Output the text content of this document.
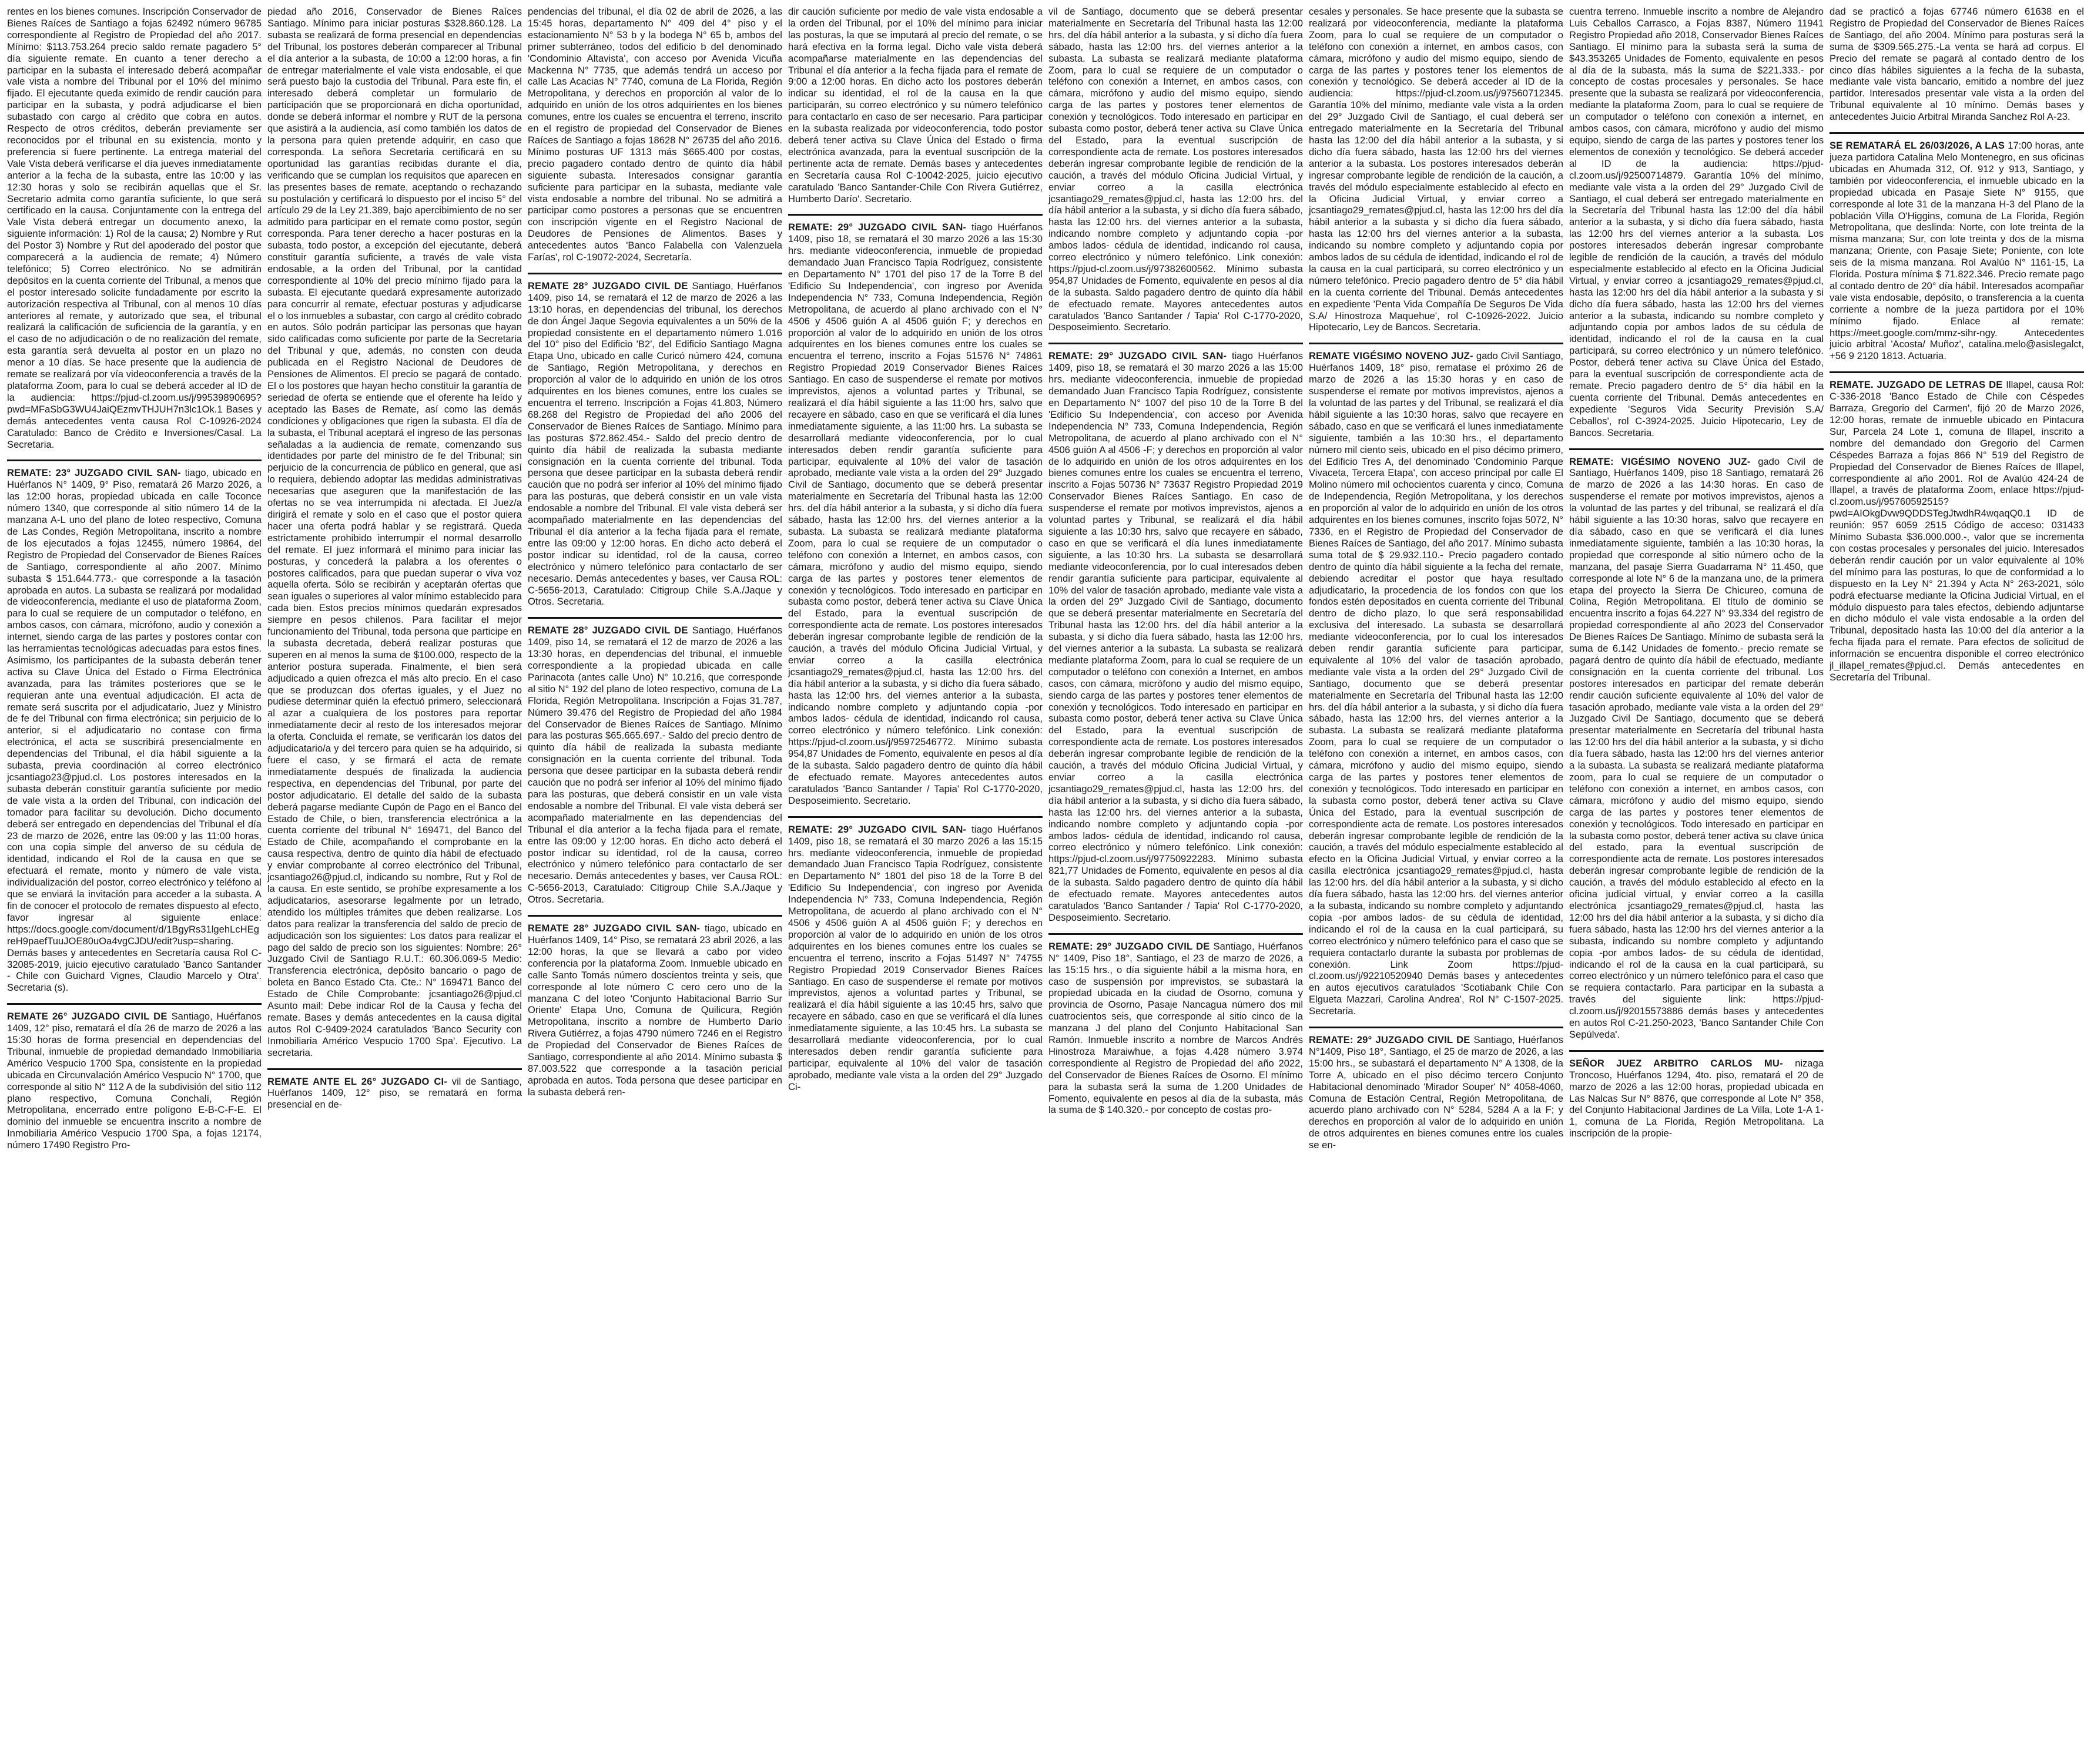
rentes en los bienes comunes. Inscripción Conservador de Bienes Raíces de Santiago a fojas 62492 número 96785 correspondiente al Registro de Propiedad del año 2017. Mínimo: $113.753.264 precio saldo remate pagadero 5° día siguiente remate. En cuanto a tener derecho a participar en la subasta el interesado deberá acompañar vale vista a nombre del Tribunal por el 10% del mínimo fijado. El ejecutante queda eximido de rendir caución para participar en la subasta, y podrá adjudicarse el bien subastado con cargo al crédito que cobra en autos. Respecto de otros créditos, deberán previamente ser reconocidos por el tribunal en su existencia, monto y preferencia si fuere pertinente. La entrega material del Vale Vista deberá verificarse el día jueves inmediatamente anterior a la fecha de la subasta, entre las 10:00 y las 12:30 horas y solo se recibirán aquellas que el Sr. Secretario admita como garantía suficiente, lo que será certificado en la causa. Conjuntamente con la entrega del Vale Vista deberá entregar un documento anexo, la siguiente información: 1) Rol de la causa; 2) Nombre y Rut del Postor 3) Nombre y Rut del apoderado del postor que comparecerá a la audiencia de remate; 4) Número telefónico; 5) Correo electrónico. No se admitirán depósitos en la cuenta corriente del Tribunal, a menos que el postor interesado solicite fundadamente por escrito la autorización respectiva al Tribunal, con al menos 10 días anteriores al remate, y autorizado que sea, el tribunal realizará la calificación de suficiencia de la garantía, y en el caso de no adjudicación o de no realización del remate, esta garantía será devuelta al postor en un plazo no menor a 10 días. Se hace presente que la audiencia de remate se realizará por vía videoconferencia a través de la plataforma Zoom, para lo cual se deberá acceder al ID de la audiencia: https://pjud-cl.zoom.us/j/99539890695?pwd=MFaSbG3WU4JaiQEzmvTHJUH7n3lc1Ok.1 Bases y demás antecedentes venta causa Rol C-10926-2024 Caratulado: Banco de Crédito e Inversiones/Casal. La Secretaria.

REMATE: 23° JUZGADO CIVIL SAN- tiago, ubicado en Huérfanos N° 1409, 9° Piso, rematará 26 Marzo 2026, a las 12:00 horas, propiedad ubicada en calle Toconce número 1340, que corresponde al sitio número 14 de la manzana A-L uno del plano de loteo respectivo, Comuna de Las Condes, Región Metropolitana, inscrito a nombre de los ejecutados a fojas 12455, número 19864, del Registro de Propiedad del Conservador de Bienes Raíces de Santiago, correspondiente al año 2007. Mínimo subasta $ 151.644.773.- que corresponde a la tasación aprobada en autos. La subasta se realizará por modalidad de videoconferencia, mediante el uso de plataforma Zoom, para lo cual se requiere de un computador o teléfono, en ambos casos, con cámara, micrófono, audio y conexión a internet, siendo carga de las partes y postores contar con las herramientas tecnológicas adecuadas para estos fines. Asimismo, los participantes de la subasta deberán tener activa su Clave Única del Estado o Firma Electrónica avanzada, para las trámites posteriores que se le requieran ante una eventual adjudicación. El acta de remate será suscrita por el adjudicatario, Juez y Ministro de fe del Tribunal con firma electrónica; sin perjuicio de lo anterior, si el adjudicatario no contase con firma electrónica, el acta se suscribirá presencialmente en dependencias del Tribunal, el día hábil siguiente a la subasta, previa coordinación al correo electrónico jcsantiago23@pjud.cl. Los postores interesados en la subasta deberán constituir garantía suficiente por medio de vale vista a la orden del Tribunal, con indicación del tomador para facilitar su devolución. Dicho documento deberá ser entregado en dependencias del Tribunal el día 23 de marzo de 2026, entre las 09:00 y las 11:00 horas, con una copia simple del anverso de su cédula de identidad, indicando el Rol de la causa en que se efectuará el remate, monto y número de vale vista, individualización del postor, correo electrónico y teléfono al que se enviará la invitación para acceder a la subasta. A fin de conocer el protocolo de remates dispuesto al efecto, favor ingresar al siguiente enlace: https://docs.google.com/document/d/1BgyRs31lgehLcHEgreH9paefTuuJOE80uOa4vgCJDU/edit?usp=sharing. Demás bases y antecedentes en Secretaría causa Rol C-32085-2019, juicio ejecutivo caratulado 'Banco Santander - Chile con Guichard Vignes, Claudio Marcelo y Otra'. Secretaria (s).

REMATE 26° JUZGADO CIVIL DE Santiago, Huérfanos 1409, 12° piso, rematará el día 26 de marzo de 2026 a las 15:30 horas de forma presencial en dependencias del Tribunal, inmueble de propiedad demandado Inmobiliaria Américo Vespucio 1700 Spa, consistente en la propiedad ubicada en Circunvalación Américo Vespucio N° 1700, que corresponde al sitio N° 112 A de la subdivisión del sitio 112 plano respectivo, Comuna Conchalí, Región Metropolitana, encerrado entre polígono E-B-C-F-E. El dominio del inmueble se encuentra inscrito a nombre de Inmobiliaria Américo Vespucio 1700 Spa, a fojas 12174, número 17490 Registro Pro-

piedad año 2016, Conservador de Bienes Raíces Santiago. Mínimo para iniciar posturas $328.860.128. La subasta se realizará de forma presencial en dependencias del Tribunal, los postores deberán comparecer al Tribunal el día anterior a la subasta, de 10:00 a 12:00 horas, a fin de entregar materialmente el vale vista endosable, el que será puesto bajo la custodia del Tribunal. Para este fin, el interesado deberá completar un formulario de participación que se proporcionará en dicha oportunidad, donde se deberá informar el nombre y RUT de la persona que asistirá a la audiencia, así como también los datos de la persona para quien pretende adquirir, en caso que corresponda. La señora Secretaria certificará en su oportunidad las garantías recibidas durante el día, verificando que se cumplan los requisitos que aparecen en las presentes bases de remate, aceptando o rechazando su postulación y certificará lo dispuesto por el inciso 5° del artículo 29 de la Ley 21.389, bajo apercibimiento de no ser admitido para participar en el remate como postor, según corresponda. Para tener derecho a hacer posturas en la subasta, todo postor, a excepción del ejecutante, deberá constituir garantía suficiente, a través de vale vista endosable, a la orden del Tribunal, por la cantidad correspondiente al 10% del precio mínimo fijado para la subasta. El ejecutante quedará expresamente autorizado para concurrir al remate, efectuar posturas y adjudicarse el o los inmuebles a subastar, con cargo al crédito cobrado en autos. Sólo podrán participar las personas que hayan sido calificadas como suficiente por parte de la Secretaria del Tribunal y que, además, no consten con deuda publicada en el Registro Nacional de Deudores de Pensiones de Alimentos. El precio se pagará de contado. El o los postores que hayan hecho constituir la garantía de seriedad de oferta se entiende que el oferente ha leído y aceptado las Bases de Remate, así como las demás condiciones y obligaciones que rigen la subasta. El día de la subasta, el Tribunal aceptará el ingreso de las personas señaladas a la audiencia de remate, comenzando sus identidades por parte del ministro de fe del Tribunal; sin perjuicio de la concurrencia de público en general, que así lo requiera, debiendo adoptar las medidas administrativas necesarias que aseguren que la manifestación de las ofertas no se vea interrumpida ni afectada. El Juez/a dirigirá el remate y solo en el caso que el postor quiera hacer una oferta podrá hablar y se registrará. Queda estrictamente prohibido interrumpir el normal desarrollo del remate. El juez informará el mínimo para iniciar las posturas, y concederá la palabra a los oferentes o postores calificados, para que puedan superar o viva voz aquella oferta. Sólo se recibirán y aceptarán ofertas que sean iguales o superiores al valor mínimo establecido para cada bien. Estos precios mínimos quedarán expresados siempre en pesos chilenos. Para facilitar el mejor funcionamiento del Tribunal, toda persona que participe en la subasta decretada, deberá realizar posturas que superen en al menos la suma de $100.000, respecto de la anterior postura superada. Finalmente, el bien será adjudicado a quien ofrezca el más alto precio. En el caso que se produzcan dos ofertas iguales, y el Juez no pudiese determinar quién la efectuó primero, seleccionará al azar a cualquiera de los postores para reportar inmediatamente decir al resto de los interesados mejorar la oferta. Concluida el remate, se verificarán los datos del adjudicatario/a y del tercero para quien se ha adquirido, si fuere el caso, y se firmará el acta de remate inmediatamente después de finalizada la audiencia respectiva, en dependencias del Tribunal, por parte del postor adjudicatario. El detalle del saldo de la subasta deberá pagarse mediante Cupón de Pago en el Banco del Estado de Chile, o bien, transferencia electrónica a la cuenta corriente del tribunal N° 169471, del Banco del Estado de Chile, acompañando el comprobante en la causa respectiva, dentro de quinto día hábil de efectuado y enviar comprobante al correo electrónico del Tribunal, jcsantiago26@pjud.cl, indicando su nombre, Rut y Rol de la causa. En este sentido, se prohíbe expresamente a los adjudicatarios, asesorarse legalmente por un letrado, atendido los múltiples trámites que deben realizarse. Los datos para realizar la transferencia del saldo de precio de adjudicación son los siguientes: Los datos para realizar el pago del saldo de precio son los siguientes: Nombre: 26° Juzgado Civil de Santiago R.U.T.: 60.306.069-5 Medio: Transferencia electrónica, depósito bancario o pago de boleta en Banco Estado Cta. Cte.: N° 169471 Banco del Estado de Chile Comprobante: jcsantiago26@pjud.cl Asunto mail: Debe indicar Rol de la Causa y fecha del remate. Bases y demás antecedentes en la causa digital autos Rol C-9409-2024 caratulados 'Banco Security con Inmobiliaria Américo Vespucio 1700 Spa'. Ejecutivo. La secretaria.

REMATE ANTE EL 26° JUZGADO CI- vil de Santiago, Huérfanos 1409, 12° piso, se rematará en forma presencial en de-

pendencias del tribunal, el día 02 de abril de 2026, a las 15:45 horas, departamento N° 409 del 4° piso y el estacionamiento N° 53 b y la bodega N° 65 b, ambos del primer subterráneo, todos del edificio b del denominado 'Condominio Altavista', con acceso por Avenida Vicuña Mackenna N° 7735, que además tendrá un acceso por calle Las Acacias N° 7740, comuna de La Florida, Región Metropolitana, y derechos en proporción al valor de lo adquirido en unión de los otros adquirientes en los bienes comunes, entre los cuales se encuentra el terreno, inscrito en el registro de propiedad del Conservador de Bienes Raíces de Santiago a fojas 18628 N° 26735 del año 2016. Mínimo posturas UF 1313 más $665.400 por costas, precio pagadero contado dentro de quinto día hábil siguiente subasta. Interesados consignar garantía suficiente para participar en la subasta, mediante vale vista endosable a nombre del tribunal. No se admitirá a participar como postores a personas que se encuentren con inscripción vigente en el Registro Nacional de Deudores de Pensiones de Alimentos. Bases y antecedentes autos 'Banco Falabella con Valenzuela Farías', rol C-19072-2024, Secretaría.

REMATE 28° JUZGADO CIVIL DE Santiago, Huérfanos 1409, piso 14, se rematará el 12 de marzo de 2026 a las 13:10 horas, en dependencias del tribunal, los derechos de don Ángel Jaque Segovia equivalentes a un 50% de la propiedad consistente en el departamento número 1.016 del 10° piso del Edificio 'B2', del Edificio Santiago Magna Etapa Uno, ubicado en calle Curicó número 424, comuna de Santiago, Región Metropolitana, y derechos en proporción al valor de lo adquirido en unión de los otros adquirentes en los bienes comunes, entre los cuales se encuentra el terreno. Inscripción a Fojas 41.803, Número 68.268 del Registro de Propiedad del año 2006 del Conservador de Bienes Raíces de Santiago. Mínimo para las posturas $72.862.454.- Saldo del precio dentro de quinto día hábil de realizada la subasta mediante consignación en la cuenta corriente del tribunal. Toda persona que desee participar en la subasta deberá rendir caución que no podrá ser inferior al 10% del mínimo fijado para las posturas, que deberá consistir en un vale vista endosable a nombre del Tribunal. El vale vista deberá ser acompañado materialmente en las dependencias del Tribunal el día anterior a la fecha fijada para el remate, entre las 09:00 y 12:00 horas. En dicho acto deberá el postor indicar su identidad, rol de la causa, correo electrónico y número telefónico para contactarlo de ser necesario. Demás antecedentes y bases, ver Causa ROL: C-5656-2013, Caratulado: Citigroup Chile S.A./Jaque y Otros. Secretaria.

REMATE 28° JUZGADO CIVIL DE Santiago, Huérfanos 1409, piso 14, se rematará el 12 de marzo de 2026 a las 13:30 horas, en dependencias del tribunal, el inmueble correspondiente a la propiedad ubicada en calle Parinacota (antes calle Uno) N° 10.216, que corresponde al sitio N° 192 del plano de loteo respectivo, comuna de La Florida, Región Metropolitana. Inscripción a Fojas 31.787, Número 39.476 del Registro de Propiedad del año 1984 del Conservador de Bienes Raíces de Santiago. Mínimo para las posturas $65.665.697.- Saldo del precio dentro de quinto día hábil de realizada la subasta mediante consignación en la cuenta corriente del tribunal. Toda persona que desee participar en la subasta deberá rendir caución que no podrá ser inferior al 10% del mínimo fijado para las posturas, que deberá consistir en un vale vista endosable a nombre del Tribunal. El vale vista deberá ser acompañado materialmente en las dependencias del Tribunal el día anterior a la fecha fijada para el remate, entre las 09:00 y 12:00 horas. En dicho acto deberá el postor indicar su identidad, rol de la causa, correo electrónico y número telefónico para contactarlo de ser necesario. Demás antecedentes y bases, ver Causa ROL: C-5656-2013, Caratulado: Citigroup Chile S.A./Jaque y Otros. Secretaria.

REMATE 28° JUZGADO CIVIL SAN- tiago, ubicado en Huérfanos 1409, 14° Piso, se rematará 23 abril 2026, a las 12:00 horas, la que se llevará a cabo por video conferencia por la plataforma Zoom. Inmueble ubicado en calle Santo Tomás número doscientos treinta y seis, que corresponde al lote número C cero cero uno de la manzana C del loteo 'Conjunto Habitacional Barrio Sur Oriente' Etapa Uno, Comuna de Quilicura, Región Metropolitana, inscrito a nombre de Humberto Darío Rivera Gutiérrez, a fojas 4790 número 7246 en el Registro de Propiedad del Conservador de Bienes Raíces de Santiago, correspondiente al año 2014. Mínimo subasta $ 87.003.522 que corresponde a la tasación pericial aprobada en autos. Toda persona que desee participar en la subasta deberá ren-

dir caución suficiente por medio de vale vista endosable a la orden del Tribunal, por el 10% del mínimo para iniciar las posturas, la que se imputará al precio del remate, o se hará efectiva en la forma legal. Dicho vale vista deberá acompañarse materialmente en las dependencias del Tribunal el día anterior a la fecha fijada para el remate de 9:00 a 12:00 horas. En dicho acto los postores deberán indicar su identidad, el rol de la causa en la que participarán, su correo electrónico y su número telefónico para contactarlo en caso de ser necesario. Para participar en la subasta realizada por videoconferencia, todo postor deberá tener activa su Clave Única del Estado o firma electrónica avanzada, para la eventual suscripción de la pertinente acta de remate. Demás bases y antecedentes en Secretaría causa Rol C-10042-2025, juicio ejecutivo caratulado 'Banco Santander-Chile Con Rivera Gutiérrez, Humberto Darío'. Secretario.

REMATE: 29° JUZGADO CIVIL SAN- tiago Huérfanos 1409, piso 18, se rematará el 30 marzo 2026 a las 15:30 hrs. mediante videoconferencia, inmueble de propiedad demandado Juan Francisco Tapia Rodríguez, consistente en Departamento N° 1701 del piso 17 de la Torre B del 'Edificio Su Independencia', con ingreso por Avenida Independencia N° 733, Comuna Independencia, Región Metropolitana, de acuerdo al plano archivado con el N° 4506 y 4506 guión A al 4506 guión F; y derechos en proporción al valor de lo adquirido en unión de los otros adquirentes en los bienes comunes entre los cuales se encuentra el terreno, inscrito a Fojas 51576 N° 74861 Registro Propiedad 2019 Conservador Bienes Raíces Santiago. En caso de suspenderse el remate por motivos imprevistos, ajenos a voluntad partes y Tribunal, se realizará el día hábil siguiente a las 11:00 hrs, salvo que recayere en sábado, caso en que se verificará el día lunes inmediatamente siguiente, a las 11:00 hrs. La subasta se desarrollará mediante videoconferencia, por lo cual interesados deben rendir garantía suficiente para participar, equivalente al 10% del valor de tasación aprobado, mediante vale vista a la orden del 29° Juzgado Civil de Santiago, documento que se deberá presentar materialmente en Secretaría del Tribunal hasta las 12:00 hrs. del día hábil anterior a la subasta, y si dicho día fuera sábado, hasta las 12:00 hrs. del viernes anterior a la subasta. La subasta se realizará mediante plataforma Zoom, para lo cual se requiere de un computador o teléfono con conexión a Internet, en ambos casos, con cámara, micrófono y audio del mismo equipo, siendo carga de las partes y postores tener elementos de conexión y tecnológicos. Todo interesado en participar en subasta como postor, deberá tener activa su Clave Única del Estado, para la eventual suscripción de correspondiente acta de remate. Los postores interesados deberán ingresar comprobante legible de rendición de la caución, a través del módulo Oficina Judicial Virtual, y enviar correo a la casilla electrónica jcsantiago29_remates@pjud.cl, hasta las 12:00 hrs. del día hábil anterior a la subasta, y si dicho día fuera sábado, hasta las 12:00 hrs. del viernes anterior a la subasta, indicando nombre completo y adjuntando copia -por ambos lados- cédula de identidad, indicando rol causa, correo electrónico y número telefónico. Link conexión: https://pjud-cl.zoom.us/j/95972546772. Mínimo subasta 954,87 Unidades de Fomento, equivalente en pesos al día de la subasta. Saldo pagadero dentro de quinto día hábil de efectuado remate. Mayores antecedentes autos caratulados 'Banco Santander / Tapia' Rol C-1770-2020, Desposeimiento. Secretario.

REMATE: 29° JUZGADO CIVIL SAN- tiago Huérfanos 1409, piso 18, se rematará el 30 marzo 2026 a las 15:15 hrs. mediante videoconferencia, inmueble de propiedad demandado Juan Francisco Tapia Rodríguez, consistente en Departamento N° 1801 del piso 18 de la Torre B del 'Edificio Su Independencia', con ingreso por Avenida Independencia N° 733, Comuna Independencia, Región Metropolitana, de acuerdo al plano archivado con el N° 4506 y 4506 guión A al 4506 guión F; y derechos en proporción al valor de lo adquirido en unión de los otros adquirentes en los bienes comunes entre los cuales se encuentra el terreno, inscrito a Fojas 51497 N° 74755 Registro Propiedad 2019 Conservador Bienes Raíces Santiago. En caso de suspenderse el remate por motivos imprevistos, ajenos a voluntad partes y Tribunal, se realizará el día hábil siguiente a las 10:45 hrs, salvo que recayere en sábado, caso en que se verificará el día lunes inmediatamente siguiente, a las 10:45 hrs. La subasta se desarrollará mediante videoconferencia, por lo cual interesados deben rendir garantía suficiente para participar, equivalente al 10% del valor de tasación aprobado, mediante vale vista a la orden del 29° Juzgado Ci-

vil de Santiago, documento que se deberá presentar materialmente en Secretaría del Tribunal hasta las 12:00 hrs. del día hábil anterior a la subasta, y si dicho día fuera sábado, hasta las 12:00 hrs. del viernes anterior a la subasta. La subasta se realizará mediante plataforma Zoom, para lo cual se requiere de un computador o teléfono con conexión a Internet, en ambos casos, con cámara, micrófono y audio del mismo equipo, siendo carga de las partes y postores tener elementos de conexión y tecnológicos. Todo interesado en participar en subasta como postor, deberá tener activa su Clave Única del Estado, para la eventual suscripción de correspondiente acta de remate. Los postores interesados deberán ingresar comprobante legible de rendición de la caución, a través del módulo Oficina Judicial Virtual, y enviar correo a la casilla electrónica jcsantiago29_remates@pjud.cl, hasta las 12:00 hrs. del día hábil anterior a la subasta, y si dicho día fuera sábado, hasta las 12:00 hrs. del viernes anterior a la subasta, indicando nombre completo y adjuntando copia -por ambos lados- cédula de identidad, indicando rol causa, correo electrónico y número telefónico. Link conexión: https://pjud-cl.zoom.us/j/97382600562. Mínimo subasta 954,87 Unidades de Fomento, equivalente en pesos al día de la subasta. Saldo pagadero dentro de quinto día hábil de efectuado remate. Mayores antecedentes autos caratulados 'Banco Santander / Tapia' Rol C-1770-2020, Desposeimiento. Secretario.

REMATE: 29° JUZGADO CIVIL SAN- tiago Huérfanos 1409, piso 18, se rematará el 30 marzo 2026 a las 15:00 hrs. mediante videoconferencia, inmueble de propiedad demandado Juan Francisco Tapia Rodríguez, consistente en Departamento N° 1007 del piso 10 de la Torre B del 'Edificio Su Independencia', con acceso por Avenida Independencia N° 733, Comuna Independencia, Región Metropolitana, de acuerdo al plano archivado con el N° 4506 guión A al 4506 -F; y derechos en proporción al valor de lo adquirido en unión de los otros adquirentes en los bienes comunes entre los cuales se encuentra el terreno, inscrito a Fojas 50736 N° 73637 Registro Propiedad 2019 Conservador Bienes Raíces Santiago. En caso de suspenderse el remate por motivos imprevistos, ajenos a voluntad partes y Tribunal, se realizará el día hábil siguiente a las 10:30 hrs, salvo que recayere en sábado, caso en que se verificará el día lunes inmediatamente siguiente, a las 10:30 hrs. La subasta se desarrollará mediante videoconferencia, por lo cual interesados deben rendir garantía suficiente para participar, equivalente al 10% del valor de tasación aprobado, mediante vale vista a la orden del 29° Juzgado Civil de Santiago, documento que se deberá presentar materialmente en Secretaría del Tribunal hasta las 12:00 hrs. del día hábil anterior a la subasta, y si dicho día fuera sábado, hasta las 12:00 hrs. del viernes anterior a la subasta. La subasta se realizará mediante plataforma Zoom, para lo cual se requiere de un computador o teléfono con conexión a Internet, en ambos casos, con cámara, micrófono y audio del mismo equipo, siendo carga de las partes y postores tener elementos de conexión y tecnológicos. Todo interesado en participar en subasta como postor, deberá tener activa su Clave Única del Estado, para la eventual suscripción de correspondiente acta de remate. Los postores interesados deberán ingresar comprobante legible de rendición de la caución, a través del módulo Oficina Judicial Virtual, y enviar correo a la casilla electrónica jcsantiago29_remates@pjud.cl, hasta las 12:00 hrs. del día hábil anterior a la subasta, y si dicho día fuera sábado, hasta las 12:00 hrs. del viernes anterior a la subasta, indicando nombre completo y adjuntando copia -por ambos lados- cédula de identidad, indicando rol causa, correo electrónico y número telefónico. Link conexión: https://pjud-cl.zoom.us/j/97750922283. Mínimo subasta 821,77 Unidades de Fomento, equivalente en pesos al día de la subasta. Saldo pagadero dentro de quinto día hábil de efectuado remate. Mayores antecedentes autos caratulados 'Banco Santander / Tapia' Rol C-1770-2020, Desposeimiento. Secretario.

REMATE: 29° JUZGADO CIVIL DE Santiago, Huérfanos N° 1409, Piso 18°, Santiago, el 23 de marzo de 2026, a las 15:15 hrs., o día siguiente hábil a la misma hora, en caso de suspensión por imprevistos, se subastará la propiedad ubicada en la ciudad de Osorno, comuna y provincia de Osorno, Pasaje Nancagua número dos mil cuatrocientos seis, que corresponde al sitio cinco de la manzana J del plano del Conjunto Habitacional San Ramón. Inmueble inscrito a nombre de Marcos Andrés Hinostroza Maraiwhue, a fojas 4.428 número 3.974 correspondiente al Registro de Propiedad del año 2022, del Conservador de Bienes Raíces de Osorno. El mínimo para la subasta será la suma de 1.200 Unidades de Fomento, equivalente en pesos al día de la subasta, más la suma de $ 140.320.- por concepto de costas pro-

cesales y personales. Se hace presente que la subasta se realizará por videoconferencia, mediante la plataforma Zoom, para lo cual se requiere de un computador o teléfono con conexión a internet, en ambos casos, con cámara, micrófono y audio del mismo equipo, siendo de carga de las partes y postores tener los elementos de conexión y tecnológico. Se deberá acceder al ID de la audiencia: https://pjud-cl.zoom.us/j/97560712345. Garantía 10% del mínimo, mediante vale vista a la orden del 29° Juzgado Civil de Santiago, el cual deberá ser entregado materialmente en la Secretaría del Tribunal hasta las 12:00 del día hábil anterior a la subasta, y si dicho día fuera sábado, hasta las 12:00 hrs del viernes anterior a la subasta. Los postores interesados deberán ingresar comprobante legible de rendición de la caución, a través del módulo especialmente establecido al efecto en la Oficina Judicial Virtual, y enviar correo a jcsantiago29_remates@pjud.cl, hasta las 12:00 hrs del día hábil anterior a la subasta y si dicho día fuera sábado, hasta las 12:00 hrs del viernes anterior a la subasta, indicando su nombre completo y adjuntando copia por ambos lados de su cédula de identidad, indicando el rol de la causa en la cual participará, su correo electrónico y un número telefónico. Precio pagadero dentro de 5° día hábil en la cuenta corriente del Tribunal. Demás antecedentes en expediente 'Penta Vida Compañía De Seguros De Vida S.A/ Hinostroza Maquehue', rol C-10926-2022. Juicio Hipotecario, Ley de Bancos. Secretaria.

REMATE VIGÉSIMO NOVENO JUZ- gado Civil Santiago, Huérfanos 1409, 18° piso, rematase el próximo 26 de marzo de 2026 a las 15:30 horas y en caso de suspenderse el remate por motivos imprevistos, ajenos a la voluntad de las partes y del Tribunal, se realizará el día hábil siguiente a las 10:30 horas, salvo que recayere en sábado, caso en que se verificará el lunes inmediatamente siguiente, también a las 10:30 hrs., el departamento número mil ciento seis, ubicado en el piso décimo primero, del Edificio Tres A, del denominado 'Condominio Parque Vivaceta, Tercera Etapa', con acceso principal por calle El Molino número mil ochocientos cuarenta y cinco, Comuna de Independencia, Región Metropolitana, y los derechos en proporción al valor de lo adquirido en unión de los otros adquirentes en los bienes comunes, inscrito fojas 5072, N° 7336, en el Registro de Propiedad del Conservador de Bienes Raíces de Santiago, del año 2017. Mínimo subasta suma total de $ 29.932.110.- Precio pagadero contado dentro de quinto día hábil siguiente a la fecha del remate, debiendo acreditar el postor que haya resultado adjudicatario, la procedencia de los fondos con que los fondos estén depositados en cuenta corriente del Tribunal dentro de dicho plazo, lo que será responsabilidad exclusiva del interesado. La subasta se desarrollará mediante videoconferencia, por lo cual los interesados deben rendir garantía suficiente para participar, equivalente al 10% del valor de tasación aprobado, mediante vale vista a la orden del 29° Juzgado Civil de Santiago, documento que se deberá presentar materialmente en Secretaría del Tribunal hasta las 12:00 hrs. del día hábil anterior a la subasta, y si dicho día fuera sábado, hasta las 12:00 hrs. del viernes anterior a la subasta. La subasta se realizará mediante plataforma Zoom, para lo cual se requiere de un computador o teléfono con conexión a internet, en ambos casos, con cámara, micrófono y audio del mismo equipo, siendo carga de las partes y postores tener elementos de conexión y tecnológicos. Todo interesado en participar en la subasta como postor, deberá tener activa su Clave Única del Estado, para la eventual suscripción de correspondiente acta de remate. Los postores interesados deberán ingresar comprobante legible de rendición de la caución, a través del módulo especialmente establecido al efecto en la Oficina Judicial Virtual, y enviar correo a la casilla electrónica jcsantiago29_remates@pjud.cl, hasta las 12:00 hrs. del día hábil anterior a la subasta, y si dicho día fuera sábado, hasta las 12:00 hrs. del viernes anterior a la subasta, indicando su nombre completo y adjuntando copia -por ambos lados- de su cédula de identidad, indicando el rol de la causa en la cual participará, su correo electrónico y número telefónico para el caso que se requiera contactarlo durante la subasta por problemas de conexión. Link Zoom https://pjud-cl.zoom.us/j/92210520940 Demás bases y antecedentes en autos ejecutivos caratulados 'Scotiabank Chile Con Elgueta Mazzari, Carolina Andrea', Rol N° C-1507-2025. Secretaria.

REMATE: 29° JUZGADO CIVIL DE Santiago, Huérfanos N°1409, Piso 18°, Santiago, el 25 de marzo de 2026, a las 15:00 hrs., se subastará el departamento N° A 1308, de la Torre A, ubicado en el piso décimo tercero Conjunto Habitacional denominado 'Mirador Souper' N° 4058-4060, Comuna de Estación Central, Región Metropolitana, de acuerdo plano archivado con N° 5284, 5284 A a la F; y derechos en proporción al valor de lo adquirido en unión de otros adquirentes en bienes comunes entre los cuales se en-

cuentra terreno. Inmueble inscrito a nombre de Alejandro Luis Ceballos Carrasco, a Fojas 8387, Número 11941 Registro Propiedad año 2018, Conservador Bienes Raíces Santiago. El mínimo para la subasta será la suma de $43.353265 Unidades de Fomento, equivalente en pesos al día de la subasta, más la suma de $221.333.- por concepto de costas procesales y personales. Se hace presente que la subasta se realizará por videoconferencia, mediante la plataforma Zoom, para lo cual se requiere de un computador o teléfono con conexión a internet, en ambos casos, con cámara, micrófono y audio del mismo equipo, siendo de carga de las partes y postores tener los elementos de conexión y tecnológico. Se deberá acceder al ID de la audiencia: https://pjud-cl.zoom.us/j/92500714879. Garantía 10% del mínimo, mediante vale vista a la orden del 29° Juzgado Civil de Santiago, el cual deberá ser entregado materialmente en la Secretaría del Tribunal hasta las 12:00 del día hábil anterior a la subasta, y si dicho día fuera sábado, hasta las 12:00 hrs del viernes anterior a la subasta. Los postores interesados deberán ingresar comprobante legible de rendición de la caución, a través del módulo especialmente establecido al efecto en la Oficina Judicial Virtual, y enviar correo a jcsantiago29_remates@pjud.cl, hasta las 12:00 hrs del día hábil anterior a la subasta y si dicho día fuera sábado, hasta las 12:00 hrs del viernes anterior a la subasta, indicando su nombre completo y adjuntando copia por ambos lados de su cédula de identidad, indicando el rol de la causa en la cual participará, su correo electrónico y un número telefónico. Postor, deberá tener activa su Clave Única del Estado, para la eventual suscripción de correspondiente acta de remate. Precio pagadero dentro de 5° día hábil en la cuenta corriente del Tribunal. Demás antecedentes en expediente 'Seguros Vida Security Previsión S.A/ Ceballos', rol C-3924-2025. Juicio Hipotecario, Ley de Bancos. Secretaria.

REMATE: VIGÉSIMO NOVENO JUZ- gado Civil de Santiago, Huérfanos 1409, piso 18 Santiago, rematará 26 de marzo de 2026 a las 14:30 horas. En caso de suspenderse el remate por motivos imprevistos, ajenos a la voluntad de las partes y del tribunal, se realizará el día hábil siguiente a las 10:30 horas, salvo que recayere en día sábado, caso en que se verificará el día lunes inmediatamente siguiente, también a las 10:30 horas, la propiedad que corresponde al sitio número ocho de la manzana, del pasaje Sierra Guadarrama N° 11.450, que corresponde al lote N° 6 de la manzana uno, de la primera etapa del proyecto la Sierra De Chicureo, comuna de Colina, Región Metropolitana. El título de dominio se encuentra inscrito a fojas 64.227 N° 93.334 del registro de propiedad correspondiente al año 2023 del Conservador De Bienes Raíces De Santiago. Mínimo de subasta será la suma de 6.142 Unidades de fomento.- precio remate se pagará dentro de quinto día hábil de efectuado, mediante consignación en la cuenta corriente del tribunal. Los postores interesados en participar del remate deberán rendir caución suficiente equivalente al 10% del valor de tasación aprobado, mediante vale vista a la orden del 29° Juzgado Civil De Santiago, documento que se deberá presentar materialmente en Secretaría del tribunal hasta las 12:00 hrs del día hábil anterior a la subasta, y si dicho día fuera sábado, hasta las 12:00 hrs del viernes anterior a la subasta. La subasta se realizará mediante plataforma zoom, para lo cual se requiere de un computador o teléfono con conexión a internet, en ambos casos, con cámara, micrófono y audio del mismo equipo, siendo carga de las partes y postores tener elementos de conexión y tecnológicos. Todo interesado en participar en la subasta como postor, deberá tener activa su clave única del estado, para la eventual suscripción de correspondiente acta de remate. Los postores interesados deberán ingresar comprobante legible de rendición de la caución, a través del módulo establecido al efecto en la oficina judicial virtual, y enviar correo a la casilla electrónica jcsantiago29_remates@pjud.cl, hasta las 12:00 hrs del día hábil anterior a la subasta, y si dicho día fuera sábado, hasta las 12:00 hrs del viernes anterior a la subasta, indicando su nombre completo y adjuntando copia -por ambos lados- de su cédula de identidad, indicando el rol de la causa en la cual participará, su correo electrónico y un número telefónico para el caso que se requiera contactarlo. Para participar en la subasta a través del siguiente link: https://pjud-cl.zoom.us/j/92015573886 demás bases y antecedentes en autos Rol C-21.250-2023, 'Banco Santander Chile Con Sepúlveda'.

SEÑOR JUEZ ARBITRO CARLOS MU- nizaga Troncoso, Huérfanos 1294, 4to. piso, rematará el 20 de marzo de 2026 a las 12:00 horas, propiedad ubicada en Las Nalcas Sur N° 8876, que corresponde al Lote N° 358, del Conjunto Habitacional Jardines de La Villa, Lote 1-A 1-1, comuna de La Florida, Región Metropolitana. La inscripción de la propie-

dad se practicó a fojas 67746 número 61638 en el Registro de Propiedad del Conservador de Bienes Raíces de Santiago, del año 2004. Mínimo para posturas será la suma de $309.565.275.-La venta se hará ad corpus. El Precio del remate se pagará al contado dentro de los cinco días hábiles siguientes a la fecha de la subasta, mediante vale vista bancario, emitido a nombre del juez partidor. Interesados presentar vale vista a la orden del Tribunal equivalente al 10 mínimo. Demás bases y antecedentes Juicio Arbitral Miranda Sanchez Rol A-23.

SE REMATARÁ EL 26/03/2026, A LAS 17:00 horas, ante jueza partidora Catalina Melo Montenegro, en sus oficinas ubicadas en Ahumada 312, Of. 912 y 913, Santiago, y también por videoconferencia, el inmueble ubicado en la propiedad ubicada en Pasaje Siete N° 9155, que corresponde al lote 31 de la manzana H-3 del Plano de la población Villa O'Higgins, comuna de La Florida, Región Metropolitana, que deslinda: Norte, con lote treinta de la misma manzana; Sur, con lote treinta y dos de la misma manzana; Oriente, con Pasaje Siete; Poniente, con lote seis de la misma manzana. Rol Avalúo N° 1161-15, La Florida. Postura mínima $ 71.822.346. Precio remate pago al contado dentro de 20° día hábil. Interesados acompañar vale vista endosable, depósito, o transferencia a la cuenta corriente a nombre de la jueza partidora por el 10% mínimo fijado. Enlace al remate: https://meet.google.com/mmz-sihr-ngy. Antecedentes juicio arbitral 'Acosta/ Muñoz', catalina.melo@asislegalct, +56 9 2120 1813. Actuaria.

REMATE. JUZGADO DE LETRAS DE Illapel, causa Rol: C-336-2018 'Banco Estado de Chile con Céspedes Barraza, Gregorio del Carmen', fijó 20 de Marzo 2026, 12:00 horas, remate de inmueble ubicado en Pintacura Sur, Parcela 24 Lote 1, comuna de Illapel, inscrito a nombre del demandado don Gregorio del Carmen Céspedes Barraza a fojas 866 N° 519 del Registro de Propiedad del Conservador de Bienes Raíces de Illapel, correspondiente al año 2001. Rol de Avalúo 424-24 de Illapel, a través de plataforma Zoom, enlace https://pjud-cl.zoom.us/j/95760592515?pwd=AIOkgDvw9QDDSTegJtwdhR4wqaqQ0.1 ID de reunión: 957 6059 2515 Código de acceso: 031433 Mínimo Subasta $36.000.000.-, valor que se incrementa con costas procesales y personales del juicio. Interesados deberán rendir caución por un valor equivalente al 10% del mínimo para las posturas, lo que de conformidad a lo dispuesto en la Ley N° 21.394 y Acta N° 263-2021, sólo podrá efectuarse mediante la Oficina Judicial Virtual, en el módulo dispuesto para tales efectos, debiendo adjuntarse en dicho módulo el vale vista endosable a la orden del Tribunal, depositado hasta las 10:00 del día anterior a la fecha fijada para el remate. Para efectos de solicitud de información se encuentra disponible el correo electrónico jl_illapel_remates@pjud.cl. Demás antecedentes en Secretaría del Tribunal.
